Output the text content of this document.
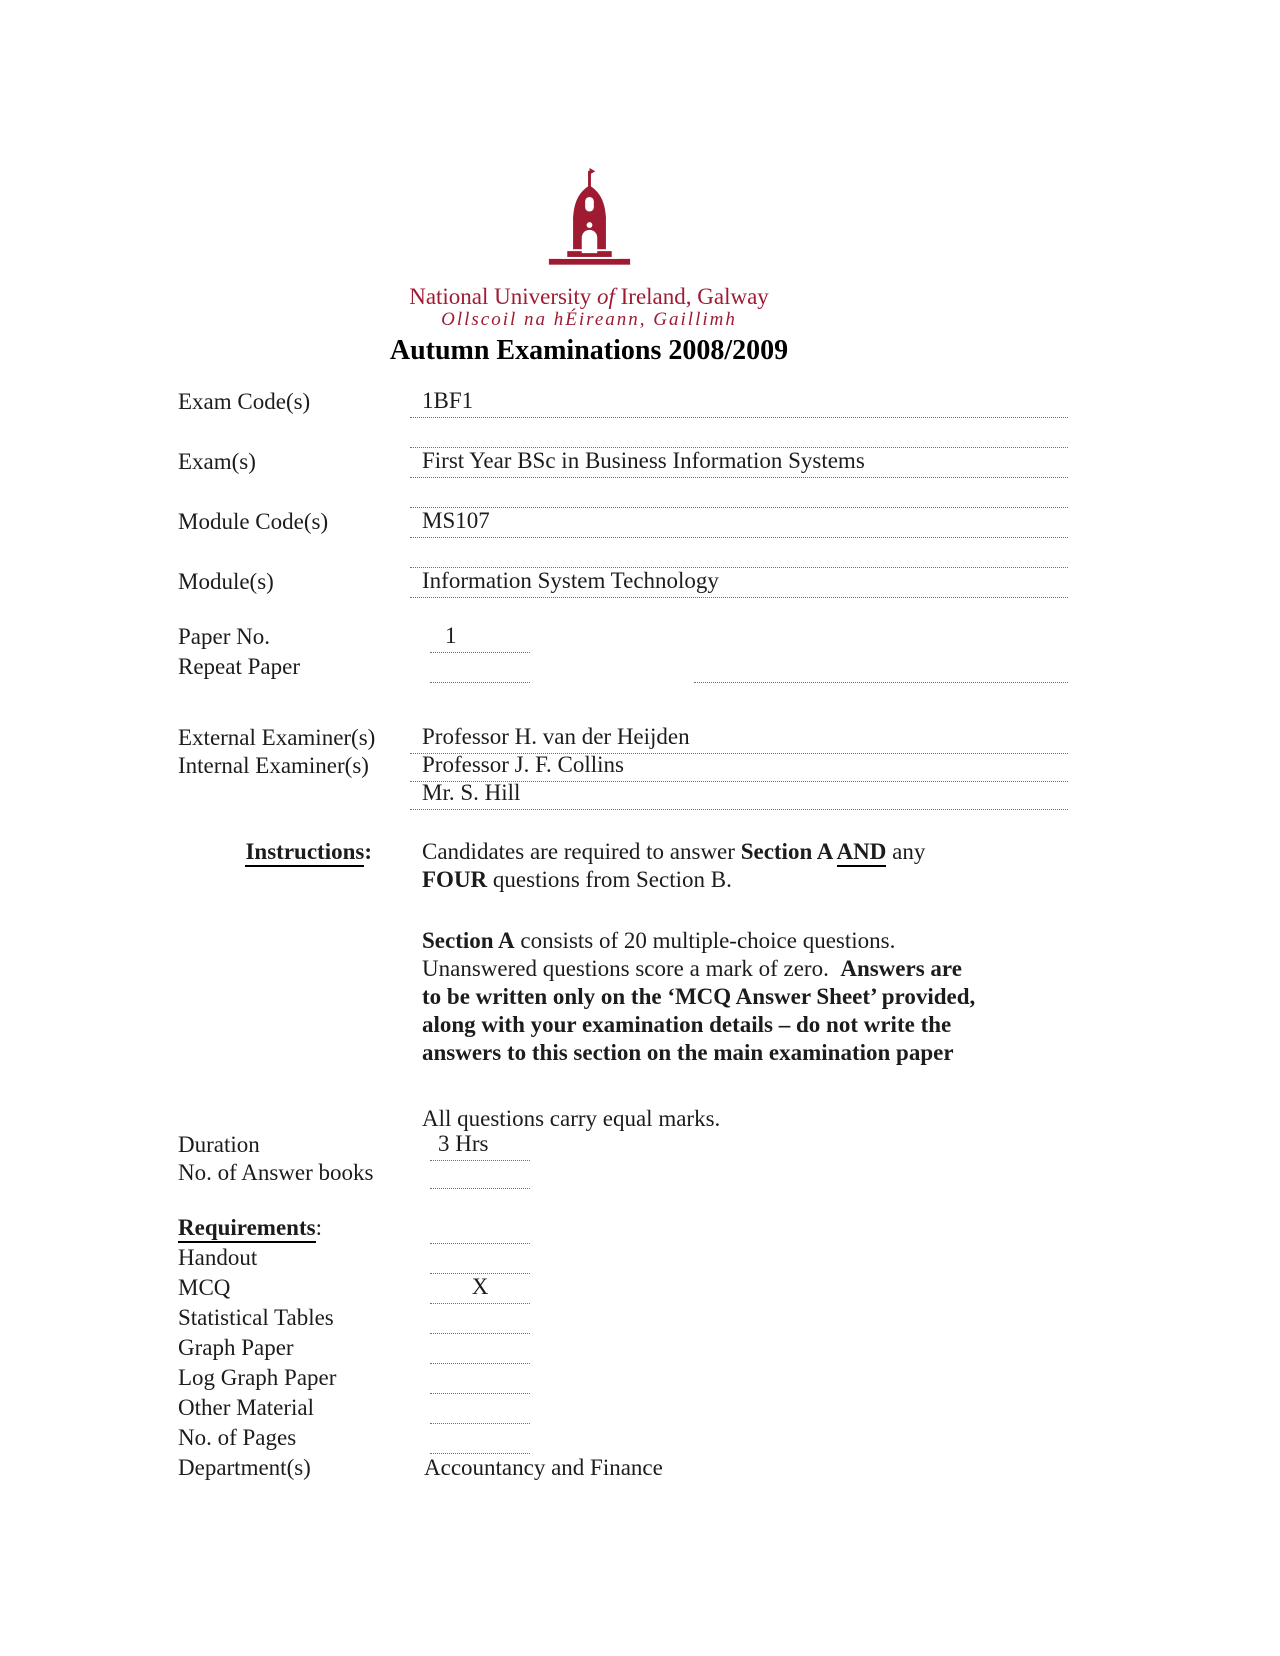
National University of Ireland, Galway
Ollscoil na hÉireann, Gaillimh
Autumn Examinations 2008/2009
Exam Code(s)	1BF1
Exam(s)	First Year BSc in Business Information Systems
Module Code(s)	MS107
Module(s)	Information System Technology
Paper No.	1
Repeat Paper
External Examiner(s)	Professor H. van der Heijden
Internal Examiner(s)	Professor J. F. Collins
Mr. S. Hill
Instructions:	Candidates are required to answer Section A AND any
FOUR questions from Section B.
Section A consists of 20 multiple-choice questions.
Unanswered questions score a mark of zero.  Answers are
to be written only on the ‘MCQ Answer Sheet’ provided,
along with your examination details – do not write the
answers to this section on the main examination paper
All questions carry equal marks.
Duration	3 Hrs
No. of Answer books
Requirements:
Handout
MCQ	X
Statistical Tables
Graph Paper
Log Graph Paper
Other Material
No. of Pages
Department(s)	Accountancy and Finance
